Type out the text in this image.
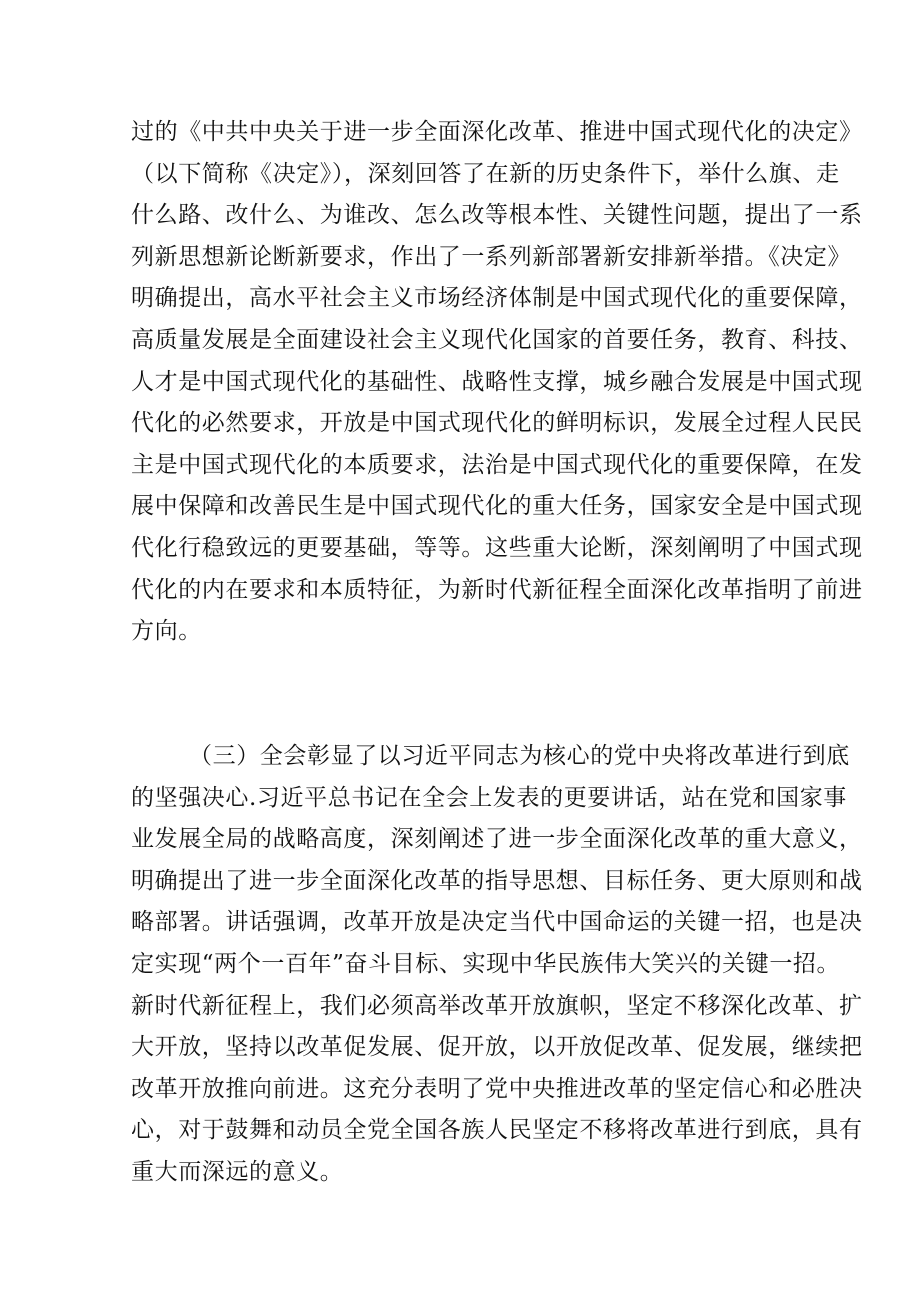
过的《中共中央关于进一步全面深化改革、推进中国式现代化的决定》
（以下简称《决定》），深刻回答了在新的历史条件下，举什么旗、走
什么路、改什么、为谁改、怎么改等根本性、关键性问题，提出了一系
列新思想新论断新要求，作出了一系列新部署新安排新举措。《决定》
明确提出，高水平社会主义市场经济体制是中国式现代化的重要保障，
高质量发展是全面建设社会主义现代化国家的首要任务，教育、科技、
人才是中国式现代化的基础性、战略性支撑，城乡融合发展是中国式现
代化的必然要求，开放是中国式现代化的鲜明标识，发展全过程人民民
主是中国式现代化的本质要求，法治是中国式现代化的重要保障，在发
展中保障和改善民生是中国式现代化的重大任务，国家安全是中国式现
代化行稳致远的更要基础，等等。这些重大论断，深刻阐明了中国式现
代化的内在要求和本质特征，为新时代新征程全面深化改革指明了前进
方向。

（三）全会彰显了以习近平同志为核心的党中央将改革进行到底
的坚强决心.习近平总书记在全会上发表的更要讲话，站在党和国家事
业发展全局的战略高度，深刻阐述了进一步全面深化改革的重大意义，
明确提出了进一步全面深化改革的指导思想、目标任务、更大原则和战
略部署。讲话强调，改革开放是决定当代中国命运的关键一招，也是决
定实现“两个一百年”奋斗目标、实现中华民族伟大笑兴的关键一招。
新时代新征程上，我们必须高举改革开放旗帜，坚定不移深化改革、扩
大开放，坚持以改革促发展、促开放，以开放促改革、促发展，继续把
改革开放推向前进。这充分表明了党中央推进改革的坚定信心和必胜决
心，对于鼓舞和动员全党全国各族人民坚定不移将改革进行到底，具有
重大而深远的意义。
